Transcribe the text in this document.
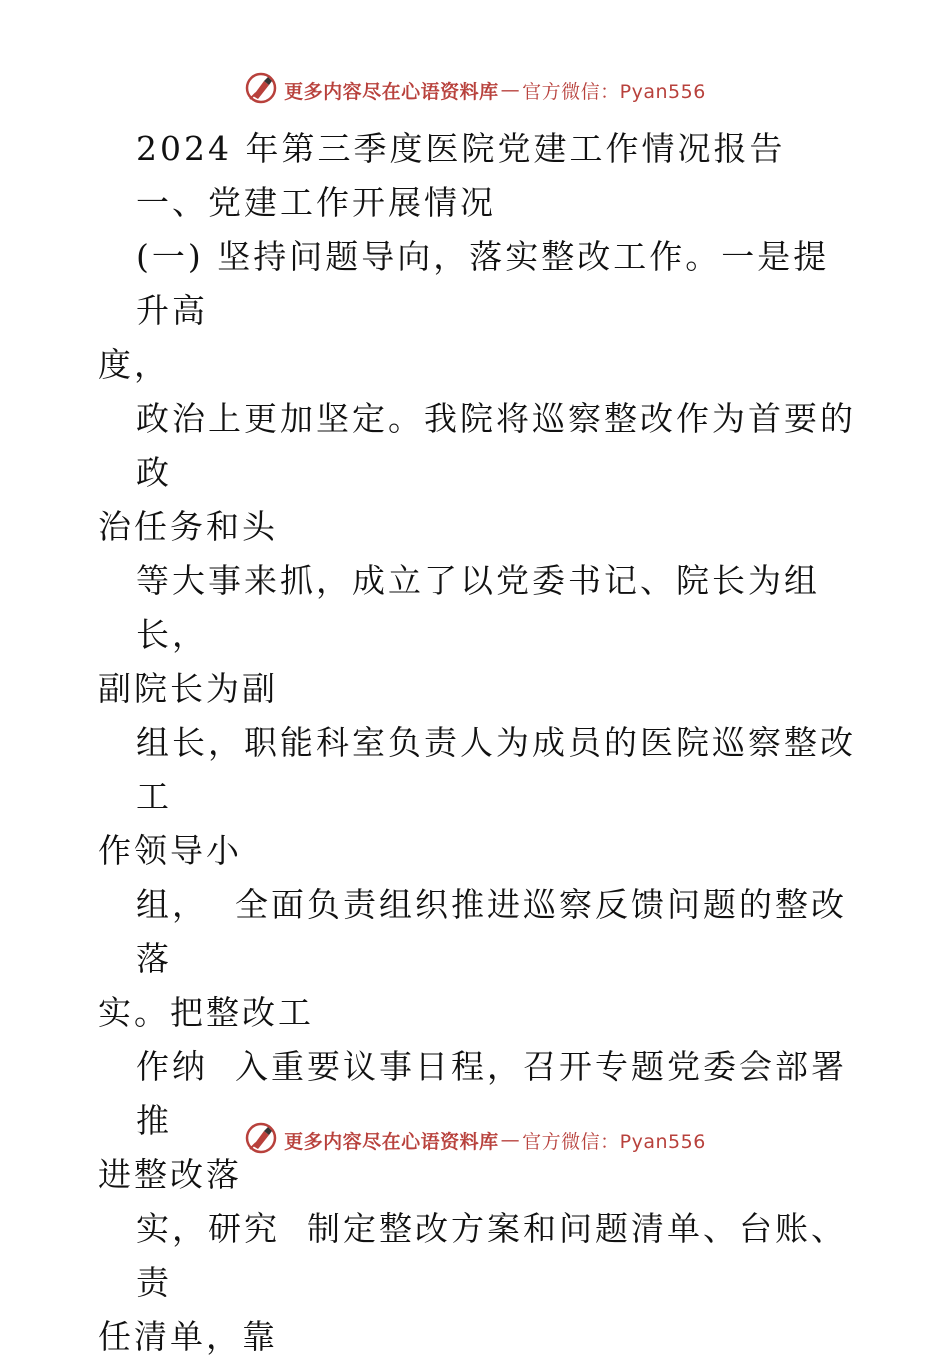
更多内容尽在心语资料库 — 官方微信：Pyan556

2024 年第三季度医院党建工作情况报告

一、党建工作开展情况

(一) 坚持问题导向，落实整改工作。一是提升高

度，

政治上更加坚定。我院将巡察整改作为首要的政

治任务和头

等大事来抓，成立了以党委书记、院长为组长，

副院长为副

组长，职能科室负责人为成员的医院巡察整改工

作领导小

组，  全面负责组织推进巡察反馈问题的整改落

实。把整改工

作纳  入重要议事日程，召开专题党委会部署推

进整改落

实，研究  制定整改方案和问题清单、台账、责

任清单，靠

更多内容尽在心语资料库 — 官方微信：Pyan556
